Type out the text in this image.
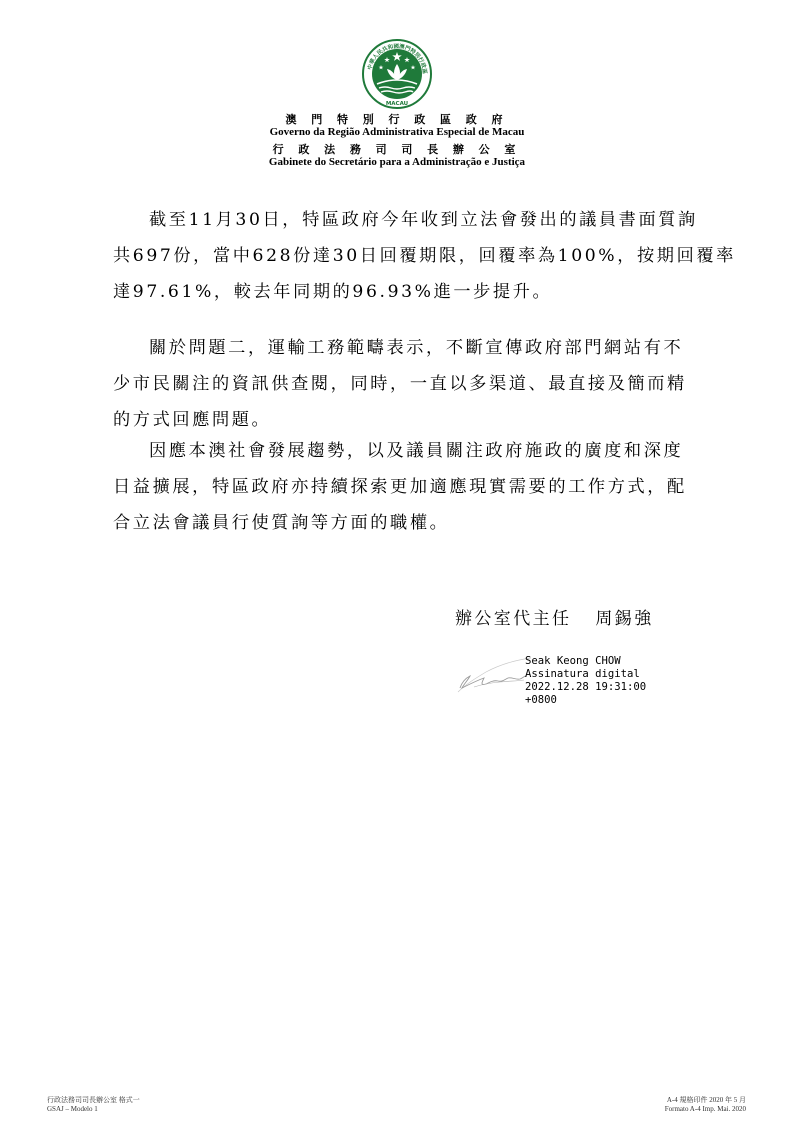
中華人民共和國澳門特別行政區
MACAU
澳 門 特 別 行 政 區 政 府
Governo da Região Administrativa Especial de Macau
行 政 法 務 司 司 長 辦 公 室
Gabinete do Secretário para a Administração e Justiça
截至11月30日，特區政府今年收到立法會發出的議員書面質詢
共697份，當中628份達30日回覆期限，回覆率為100%，按期回覆率
達97.61%，較去年同期的96.93%進一步提升。
關於問題二，運輸工務範疇表示，不斷宣傳政府部門網站有不
少市民關注的資訊供查閱，同時，一直以多渠道、最直接及簡而精
的方式回應問題。
因應本澳社會發展趨勢，以及議員關注政府施政的廣度和深度
日益擴展，特區政府亦持續探索更加適應現實需要的工作方式，配
合立法會議員行使質詢等方面的職權。
辦公室代主任 周錫強
Seak Keong CHOW
Assinatura digital
2022.12.28 19:31:00
+0800
行政法務司司長辦公室 格式一
GSAJ – Modelo 1
A-4 規格印件 2020 年 5 月
Formato A-4 Imp. Mai. 2020
